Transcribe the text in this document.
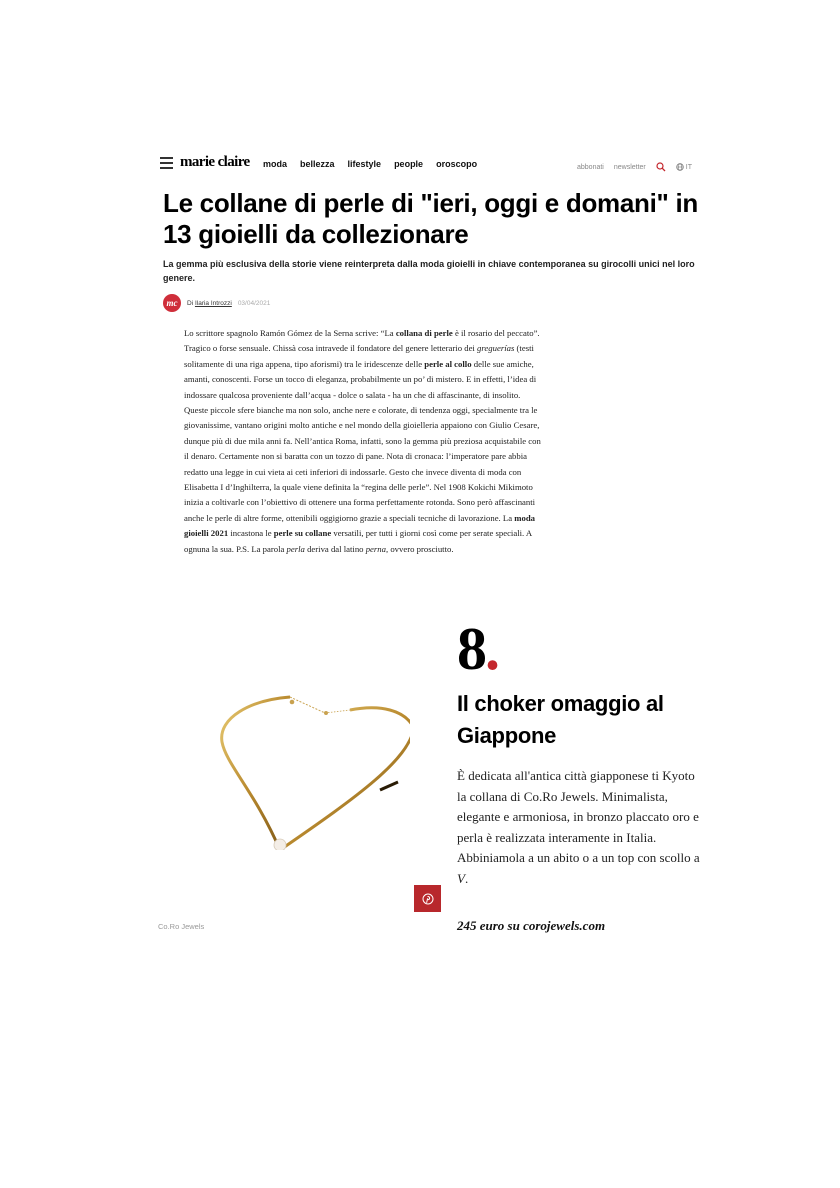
marie claire moda bellezza lifestyle people oroscopo	abbonati newsletter	IT
Le collane di perle di "ieri, oggi e domani" in 13 gioielli da collezionare
La gemma più esclusiva della storie viene reinterpreta dalla moda gioielli in chiave contemporanea su girocolli unici nel loro genere.
mc	Di Ilaria Introzzi 03/04/2021
Lo scrittore spagnolo Ramón Gómez de la Serna scrive: “La collana di perle è il rosario del peccato”. Tragico o forse sensuale. Chissà cosa intravede il fondatore del genere letterario dei greguerías (testi solitamente di una riga appena, tipo aforismi) tra le iridescenze delle perle al collo delle sue amiche, amanti, conoscenti. Forse un tocco di eleganza, probabilmente un po’ di mistero. E in effetti, l’idea di indossare qualcosa proveniente dall’acqua - dolce o salata - ha un che di affascinante, di insolito. Queste piccole sfere bianche ma non solo, anche nere e colorate, di tendenza oggi, specialmente tra le giovanissime, vantano origini molto antiche e nel mondo della gioielleria appaiono con Giulio Cesare, dunque più di due mila anni fa. Nell’antica Roma, infatti, sono la gemma più preziosa acquistabile con il denaro. Certamente non si baratta con un tozzo di pane. Nota di cronaca: l’imperatore pare abbia redatto una legge in cui vieta ai ceti inferiori di indossarle. Gesto che invece diventa di moda con Elisabetta I d’Inghilterra, la quale viene definita la “regina delle perle”. Nel 1908 Kokichi Mikimoto inizia a coltivarle con l’obiettivo di ottenere una forma perfettamente rotonda. Sono però affascinanti anche le perle di altre forme, ottenibili oggigiorno grazie a speciali tecniche di lavorazione. La moda gioielli 2021 incastona le perle su collane versatili, per tutti i giorni così come per serate speciali. A ognuna la sua. P.S. La parola perla deriva dal latino perna, ovvero prosciutto.
Co.Ro Jewels
8.
Il choker omaggio al Giappone
È dedicata all'antica città giapponese ti Kyoto la collana di Co.Ro Jewels. Minimalista, elegante e armoniosa, in bronzo placcato oro e perla è realizzata interamente in Italia. Abbiniamola a un abito o a un top con scollo a V.
245 euro su corojewels.com
